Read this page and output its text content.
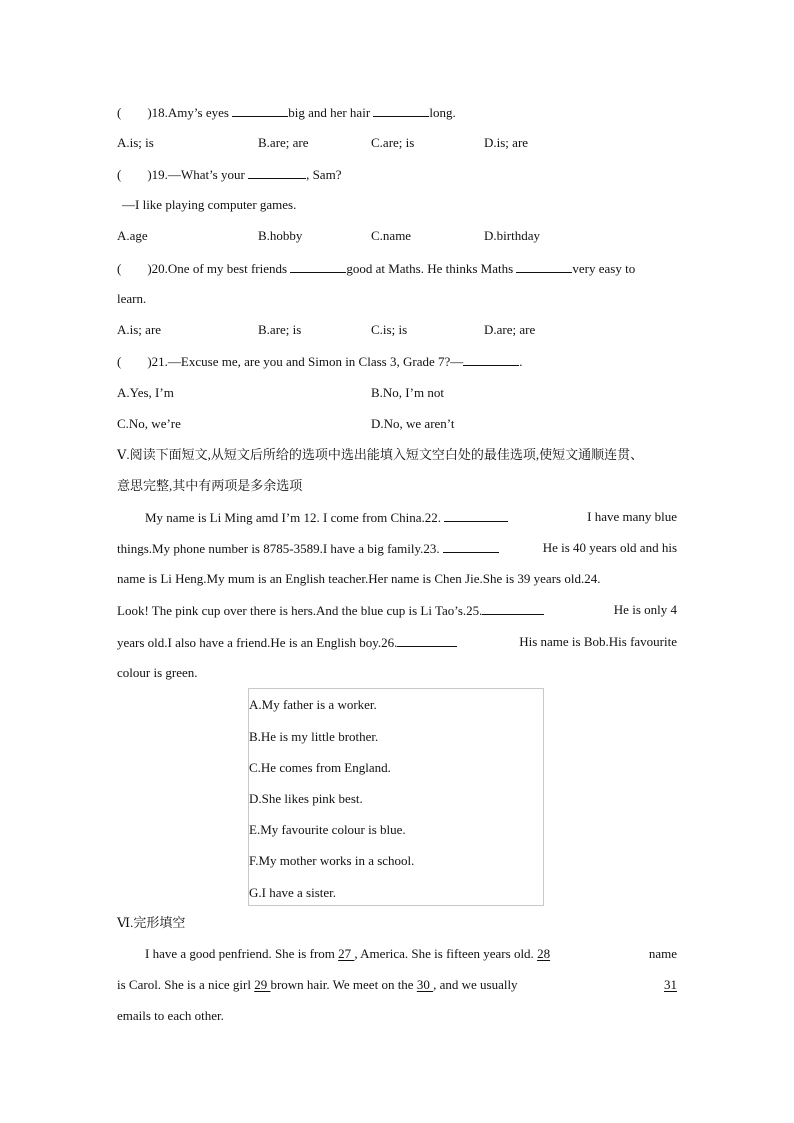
( )18.Amy’s eyes	big and her hair	long.
A.is; is	B.are; are	C.are; is	D.is; are
( )19.—What’s your	, Sam?
—I like playing computer games.
A.age	B.hobby	C.name	D.birthday
( )20.One of my best friends	good at Maths. He thinks Maths	very easy to
learn.
A.is; are	B.are; is	C.is; is	D.are; are
( )21.—Excuse me, are you and Simon in Class 3, Grade 7?—	.
A.Yes, I’m	B.No, I’m not
C.No, we’re	D.No, we aren’t
Ⅴ.阅读下面短文,从短文后所给的选项中选出能填入短文空白处的最佳选项,使短文通顺连贯、
意思完整,其中有两项是多余选项
My name is Li Ming amd I’m 12. I come from China.22.	I have many blue
things.My phone number is 8785-3589.I have a big family.23.	He is 40 years old and his
name is Li Heng.My mum is an English teacher.Her name is Chen Jie.She is 39 years old.24.
Look! The pink cup over there is hers.And the blue cup is Li Tao’s.25.	He is only 4
years old.I also have a friend.He is an English boy.26.	His name is Bob.His favourite
colour is green.
A.My father is a worker.
B.He is my little brother.
C.He comes from England.
D.She likes pink best.
E.My favourite colour is blue.
F.My mother works in a school.
G.I have a sister.
Ⅵ.完形填空
I have a good penfriend. She is from 27 , America. She is fifteen years old. 28	name
is Carol. She is a nice girl 29 brown hair. We meet on the 30 , and we usually	31
emails to each other.
